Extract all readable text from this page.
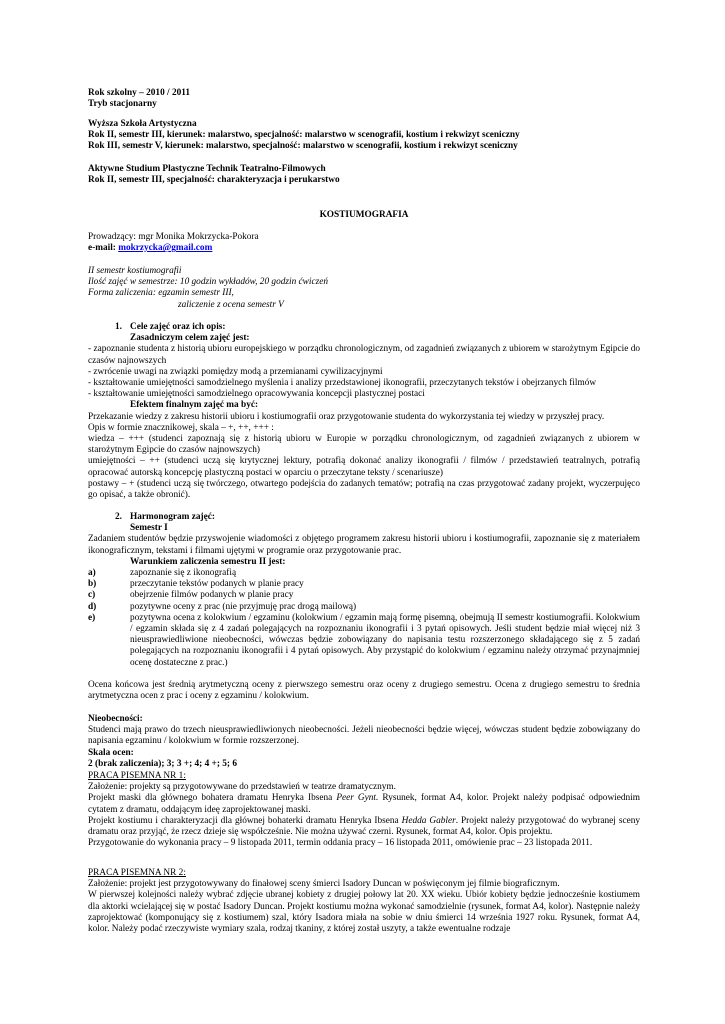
Rok szkolny – 2010 / 2011

Tryb stacjonarny

Wyższa Szkoła Artystyczna

Rok II, semestr III, kierunek: malarstwo, specjalność: malarstwo w scenografii, kostium i rekwizyt sceniczny

Rok III, semestr V, kierunek: malarstwo, specjalność: malarstwo w scenografii, kostium i rekwizyt sceniczny

Aktywne Studium Plastyczne Technik Teatralno-Filmowych

Rok II, semestr III, specjalność: charakteryzacja i perukarstwo

KOSTIUMOGRAFIA

Prowadzący: mgr Monika Mokrzycka-Pokora

e-mail: mokrzycka@gmail.com

II semestr kostiumografii

Ilość zajęć w semestrze: 10 godzin wykładów, 20 godzin ćwiczeń

Forma zaliczenia: egzamin semestr III,

zaliczenie z ocena semestr V

1. Cele zajęć oraz ich opis:

Zasadniczym celem zajęć jest:

- zapoznanie studenta z historią ubioru europejskiego w porządku chronologicznym, od zagadnień związanych z ubiorem w starożytnym Egipcie do czasów najnowszych

- zwrócenie uwagi na związki pomiędzy modą a przemianami cywilizacyjnymi

- kształtowanie umiejętności samodzielnego myślenia i analizy przedstawionej ikonografii, przeczytanych tekstów i obejrzanych filmów

- kształtowanie umiejętności samodzielnego opracowywania koncepcji plastycznej postaci

Efektem finalnym zajęć ma być:

Przekazanie wiedzy z zakresu historii ubioru i kostiumografii oraz przygotowanie studenta do wykorzystania tej wiedzy w przyszłej pracy.

Opis w formie znacznikowej, skala – +, ++, +++ :

wiedza – +++ (studenci zapoznają się z historią ubioru w Europie w porządku chronologicznym, od zagadnień związanych z ubiorem w starożytnym Egipcie do czasów najnowszych)

umiejętności – ++ (studenci uczą się krytycznej lektury, potrafią dokonać analizy ikonografii / filmów / przedstawień teatralnych, potrafią opracować autorską koncepcję plastyczną postaci w oparciu o przeczytane teksty / scenariusze)

postawy – + (studenci uczą się twórczego, otwartego podejścia do zadanych tematów; potrafią na czas przygotować zadany projekt, wyczerpujęco go opisać, a także obronić).

2. Harmonogram zajęć:

Semestr I

Zadaniem studentów będzie przyswojenie wiadomości z objętego programem zakresu historii ubioru i kostiumografii, zapoznanie się z materiałem ikonograficznym, tekstami i filmami ujętymi w programie oraz przygotowanie prac.

Warunkiem zaliczenia semestru II jest:

a)	zapoznanie się z ikonografią
b)	przeczytanie tekstów podanych w planie pracy
c)	obejrzenie filmów podanych w planie pracy
d)	pozytywne oceny z prac (nie przyjmuję prac drogą mailową)
e)	pozytywna ocena z kolokwium / egzaminu (kolokwium / egzamin mają formę pisemną, obejmują II semestr kostiumografii. Kolokwium / egzamin składa się z 4 zadań polegających na rozpoznaniu ikonografii i 3 pytań opisowych. Jeśli student będzie miał więcej niż 3 nieusprawiedliwione nieobecności, wówczas będzie zobowiązany do napisania testu rozszerzonego składającego się z 5 zadań polegających na rozpoznaniu ikonografii i 4 pytań opisowych. Aby przystąpić do kolokwium / egzaminu należy otrzymać przynajmniej ocenę dostateczne z prac.)

Ocena końcowa jest średnią arytmetyczną oceny z pierwszego semestru oraz oceny z drugiego semestru. Ocena z drugiego semestru to średnia arytmetyczna ocen z prac i oceny z egzaminu / kolokwium.

Nieobecności:

Studenci mają prawo do trzech nieusprawiedliwionych nieobecności. Jeżeli nieobecności będzie więcej, wówczas student będzie zobowiązany do napisania egzaminu / kolokwium w formie rozszerzonej.

Skala ocen:

2 (brak zaliczenia); 3; 3 +; 4; 4 +; 5; 6

PRACA PISEMNA NR 1:

Założenie: projekty są przygotowywane do przedstawień w teatrze dramatycznym.

Projekt maski dla głównego bohatera dramatu Henryka Ibsena Peer Gynt. Rysunek, format A4, kolor. Projekt należy podpisać odpowiednim cytatem z dramatu, oddającym ideę zaprojektowanej maski.

Projekt kostiumu i charakteryzacji dla głównej bohaterki dramatu Henryka Ibsena Hedda Gabler. Projekt należy przygotować do wybranej sceny dramatu oraz przyjąć, że rzecz dzieje się współcześnie. Nie można używać czerni. Rysunek, format A4, kolor. Opis projektu.

Przygotowanie do wykonania pracy – 9 listopada 2011, termin oddania pracy – 16 listopada 2011, omówienie prac – 23 listopada 2011.

PRACA PISEMNA NR 2:

Założenie: projekt jest przygotowywany do finałowej sceny śmierci Isadory Duncan w poświęconym jej filmie biograficznym.

W pierwszej kolejności należy wybrać zdjęcie ubranej kobiety z drugiej połowy lat 20. XX wieku. Ubiór kobiety będzie jednocześnie kostiumem dla aktorki wcielającej się w postać Isadory Duncan. Projekt kostiumu można wykonać samodzielnie (rysunek, format A4, kolor). Następnie należy zaprojektować (komponujący się z kostiumem) szal, który Isadora miała na sobie w dniu śmierci 14 września 1927 roku. Rysunek, format A4, kolor. Należy podać rzeczywiste wymiary szala, rodzaj tkaniny, z której został uszyty, a także ewentualne rodzaje
